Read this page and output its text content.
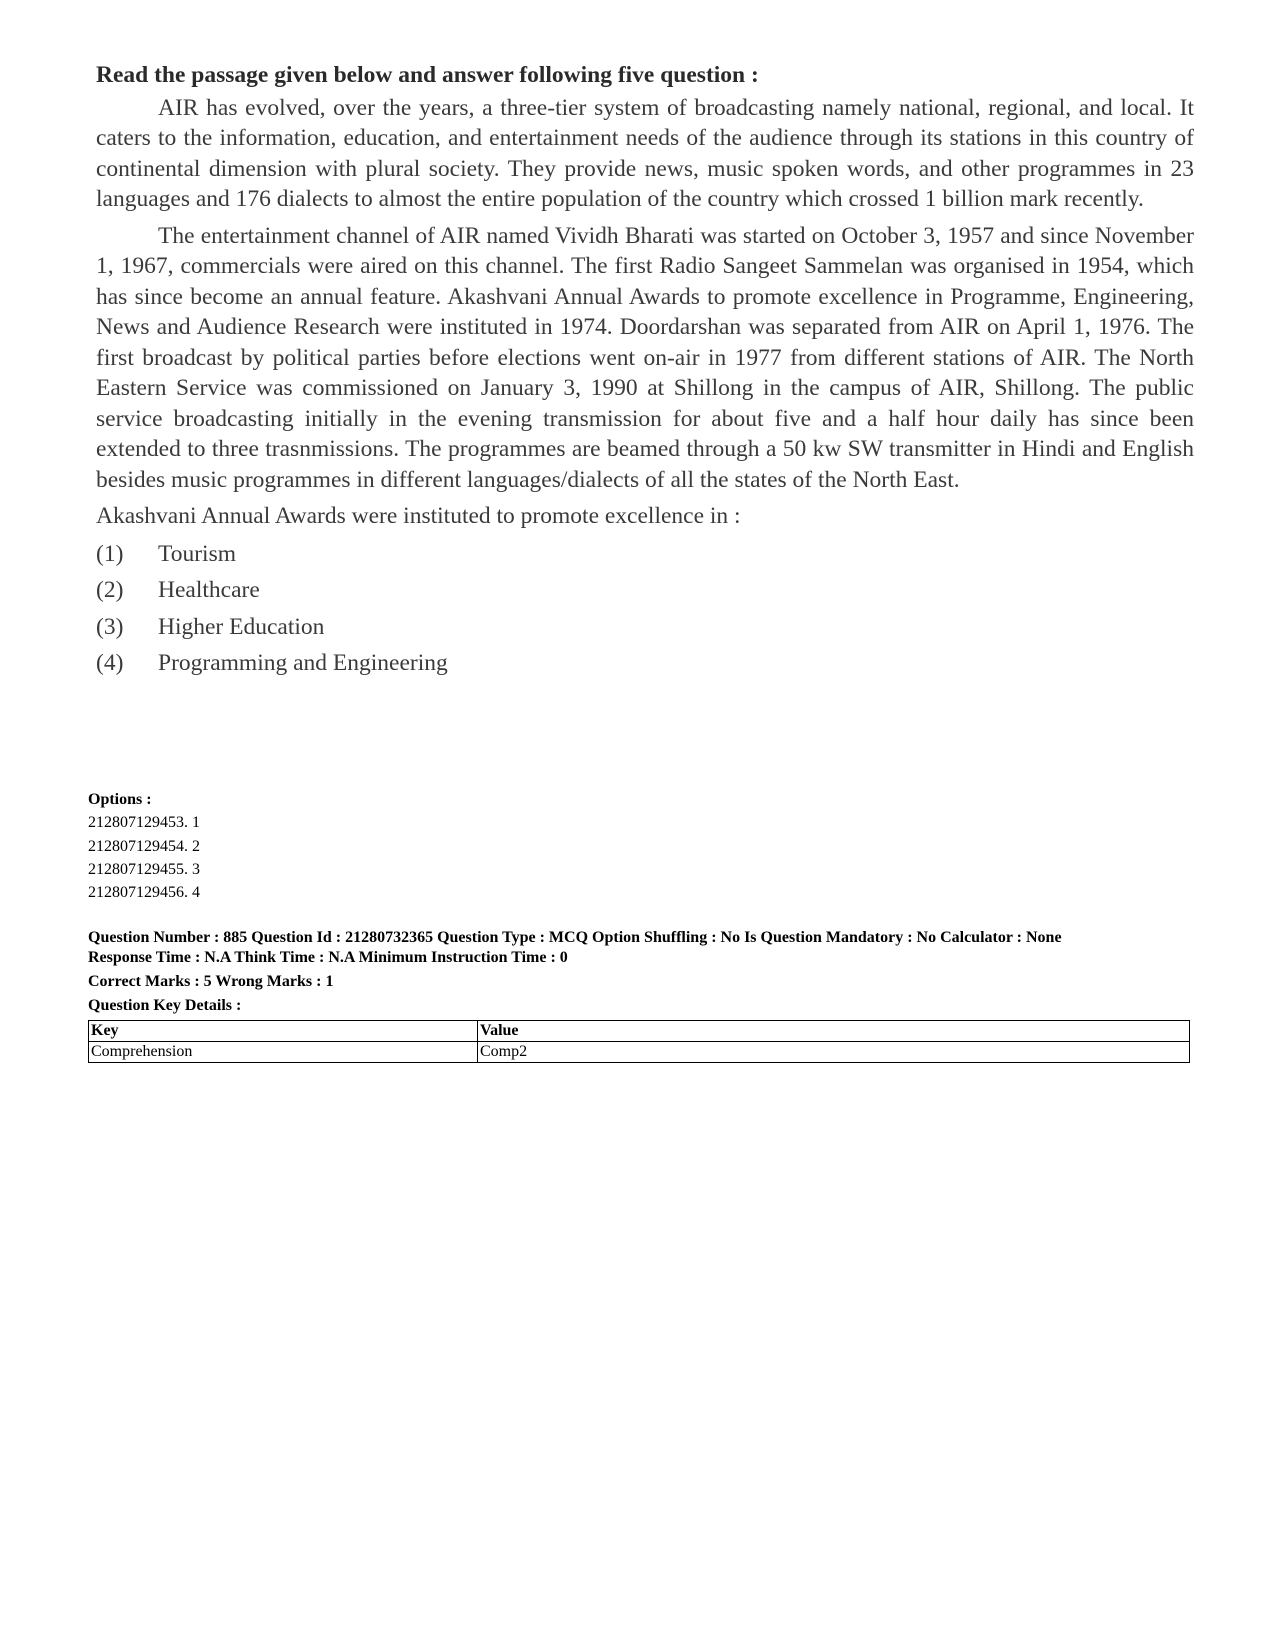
Read the passage given below and answer following five question :

AIR has evolved, over the years, a three-tier system of broadcasting namely national, regional, and local. It caters to the information, education, and entertainment needs of the audience through its stations in this country of continental dimension with plural society. They provide news, music spoken words, and other programmes in 23 languages and 176 dialects to almost the entire population of the country which crossed 1 billion mark recently.

The entertainment channel of AIR named Vividh Bharati was started on October 3, 1957 and since November 1, 1967, commercials were aired on this channel. The first Radio Sangeet Sammelan was organised in 1954, which has since become an annual feature. Akashvani Annual Awards to promote excellence in Programme, Engineering, News and Audience Research were instituted in 1974. Doordarshan was separated from AIR on April 1, 1976. The first broadcast by political parties before elections went on-air in 1977 from different stations of AIR. The North Eastern Service was commissioned on January 3, 1990 at Shillong in the campus of AIR, Shillong. The public service broadcasting initially in the evening transmission for about five and a half hour daily has since been extended to three trasnmissions. The programmes are beamed through a 50 kw SW transmitter in Hindi and English besides music programmes in different languages/dialects of all the states of the North East.

Akashvani Annual Awards were instituted to promote excellence in :
(1)	Tourism
(2)	Healthcare
(3)	Higher Education
(4)	Programming and Engineering
Options :
212807129453. 1
212807129454. 2
212807129455. 3
212807129456. 4
Question Number : 885 Question Id : 21280732365 Question Type : MCQ Option Shuffling : No Is Question Mandatory : No Calculator : None
Response Time : N.A Think Time : N.A Minimum Instruction Time : 0
Correct Marks : 5 Wrong Marks : 1
Question Key Details :
Key	Value
Comprehension	Comp2
